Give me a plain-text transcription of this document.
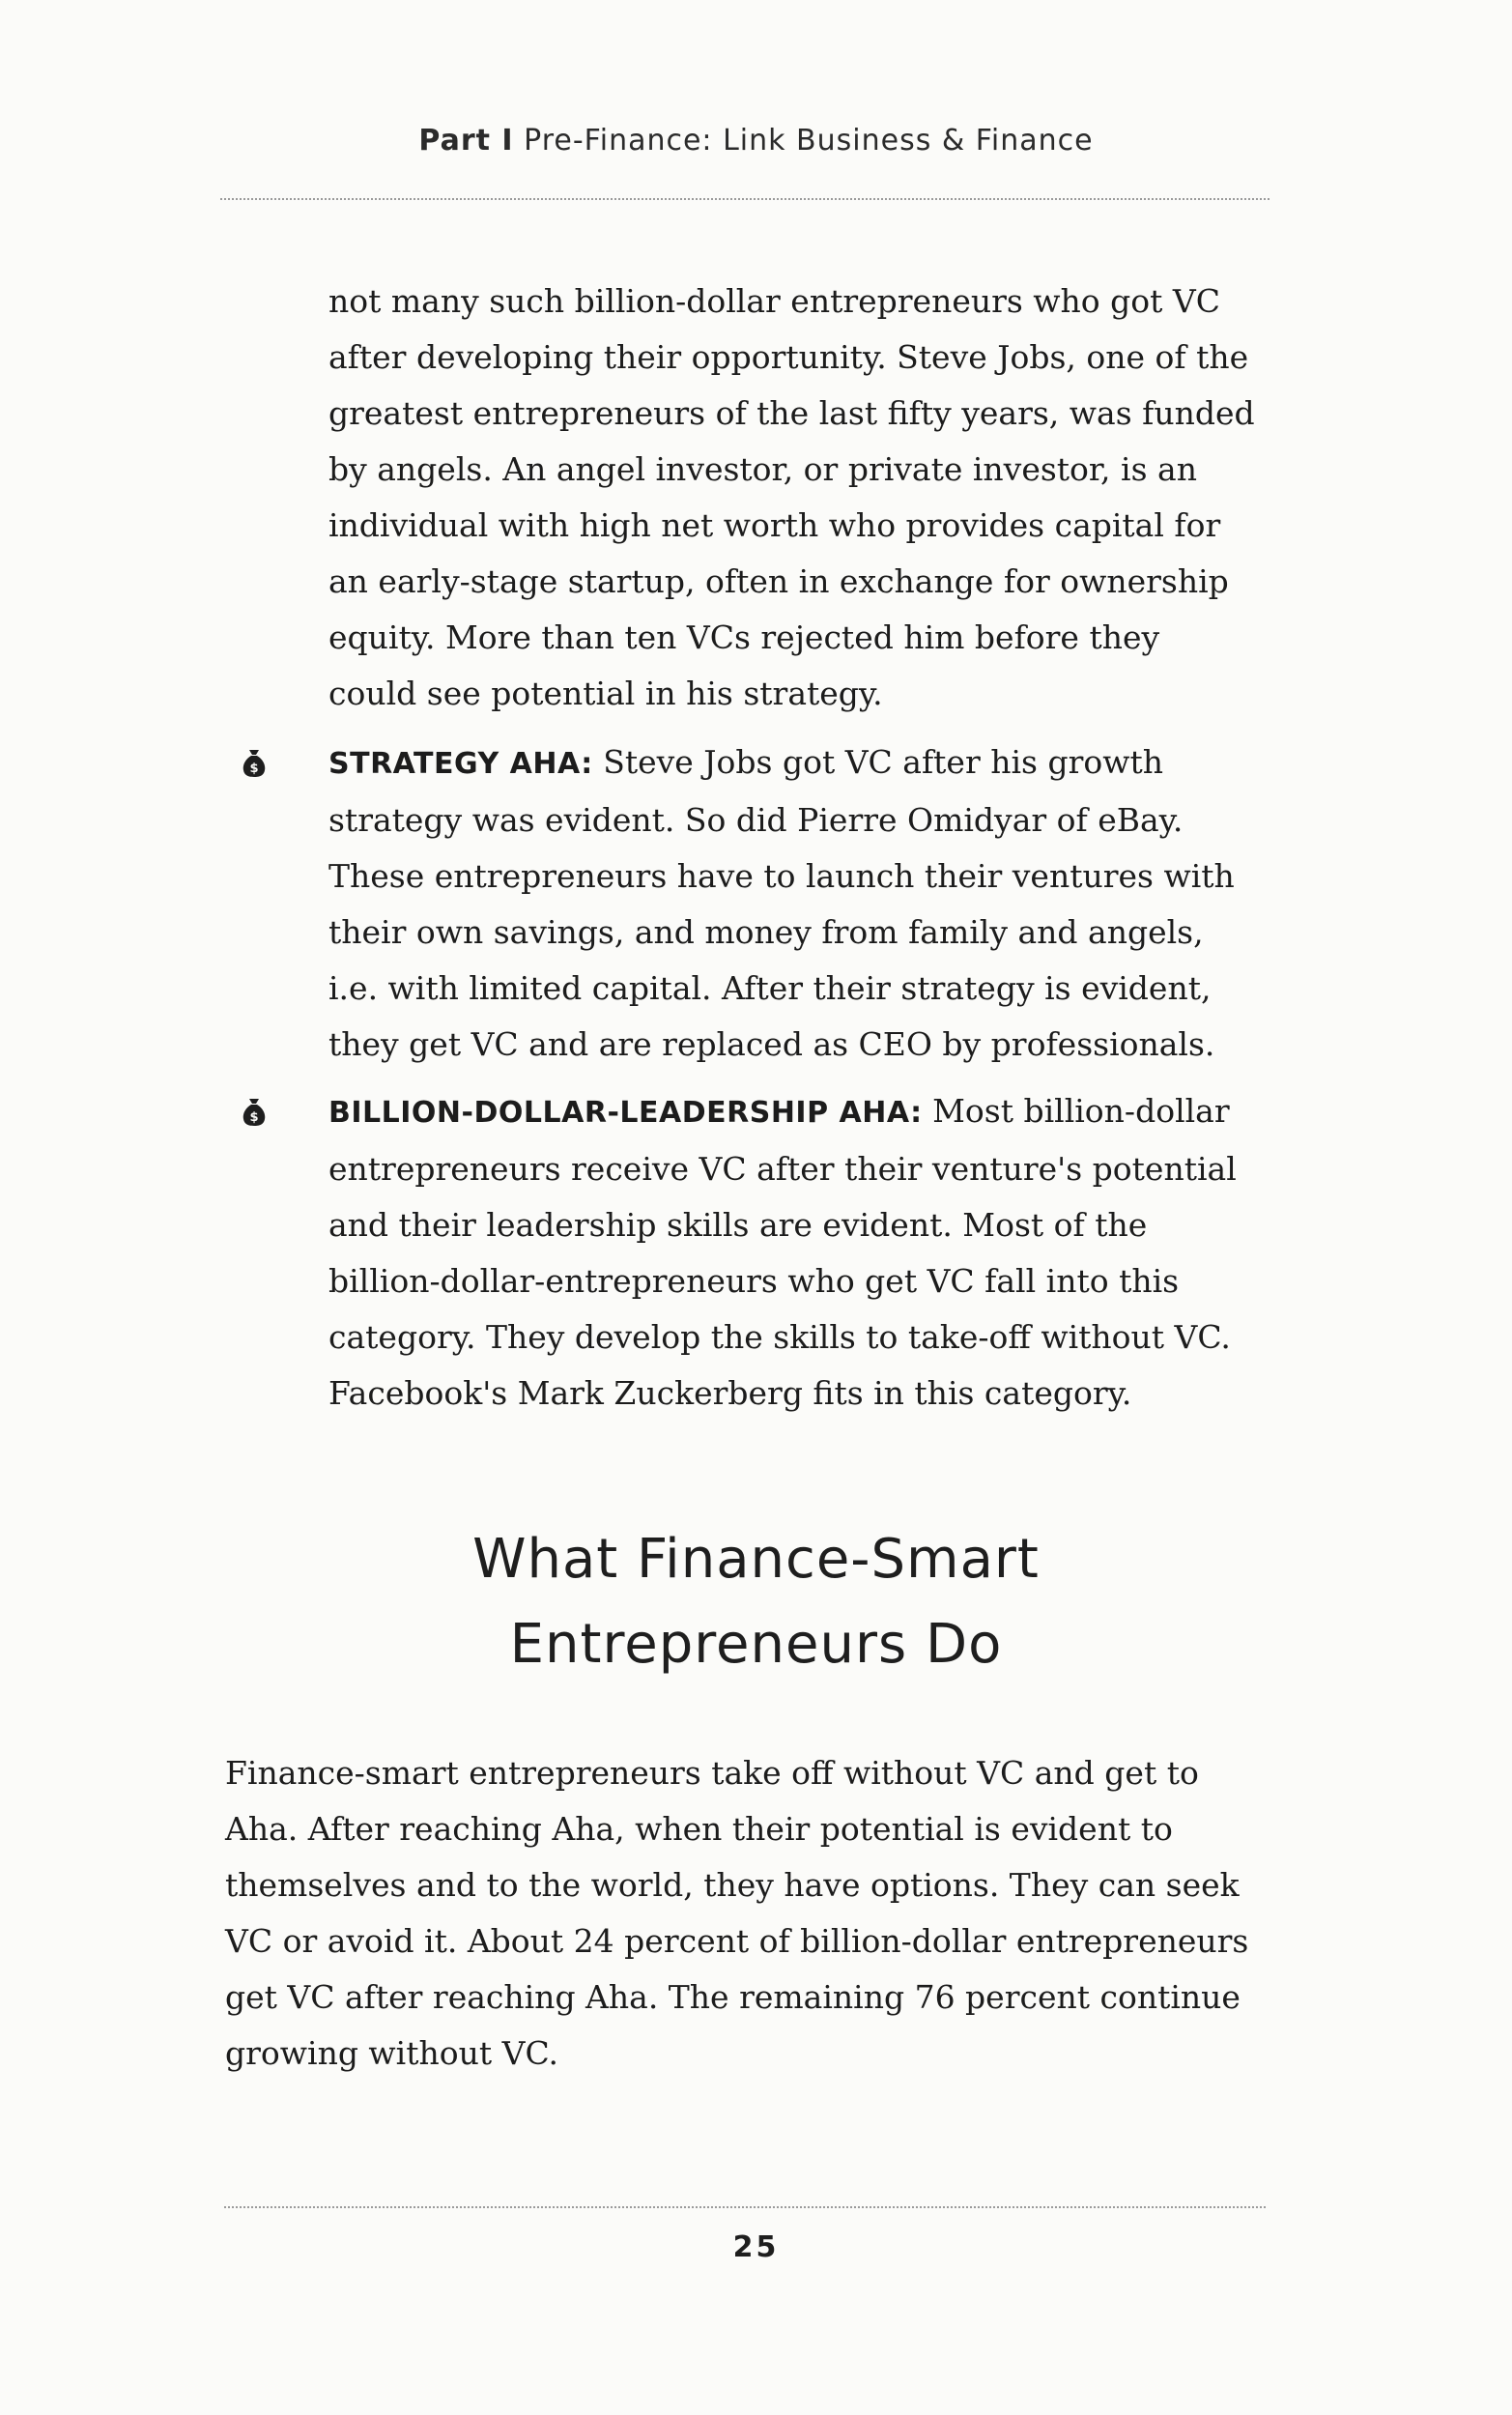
Part I Pre-Finance: Link Business & Finance

not many such billion-dollar entrepreneurs who got VC after developing their opportunity. Steve Jobs, one of the greatest entrepreneurs of the last fifty years, was funded by angels. An angel investor, or private investor, is an individual with high net worth who provides capital for an early-stage startup, often in exchange for ownership equity. More than ten VCs rejected him before they could see potential in his strategy.

$ STRATEGY AHA: Steve Jobs got VC after his growth strategy was evident. So did Pierre Omidyar of eBay. These entrepreneurs have to launch their ventures with their own savings, and money from family and angels, i.e. with limited capital. After their strategy is evident, they get VC and are replaced as CEO by professionals.

$ BILLION-DOLLAR-LEADERSHIP AHA: Most billion-dollar entrepreneurs receive VC after their venture's potential and their leadership skills are evident. Most of the billion-dollar-entrepreneurs who get VC fall into this category. They develop the skills to take-off without VC. Facebook's Mark Zuckerberg fits in this category.

What Finance-Smart
Entrepreneurs Do

Finance-smart entrepreneurs take off without VC and get to Aha. After reaching Aha, when their potential is evident to themselves and to the world, they have options. They can seek VC or avoid it. About 24 percent of billion-dollar entrepreneurs get VC after reaching Aha. The remaining 76 percent continue growing without VC.

25
